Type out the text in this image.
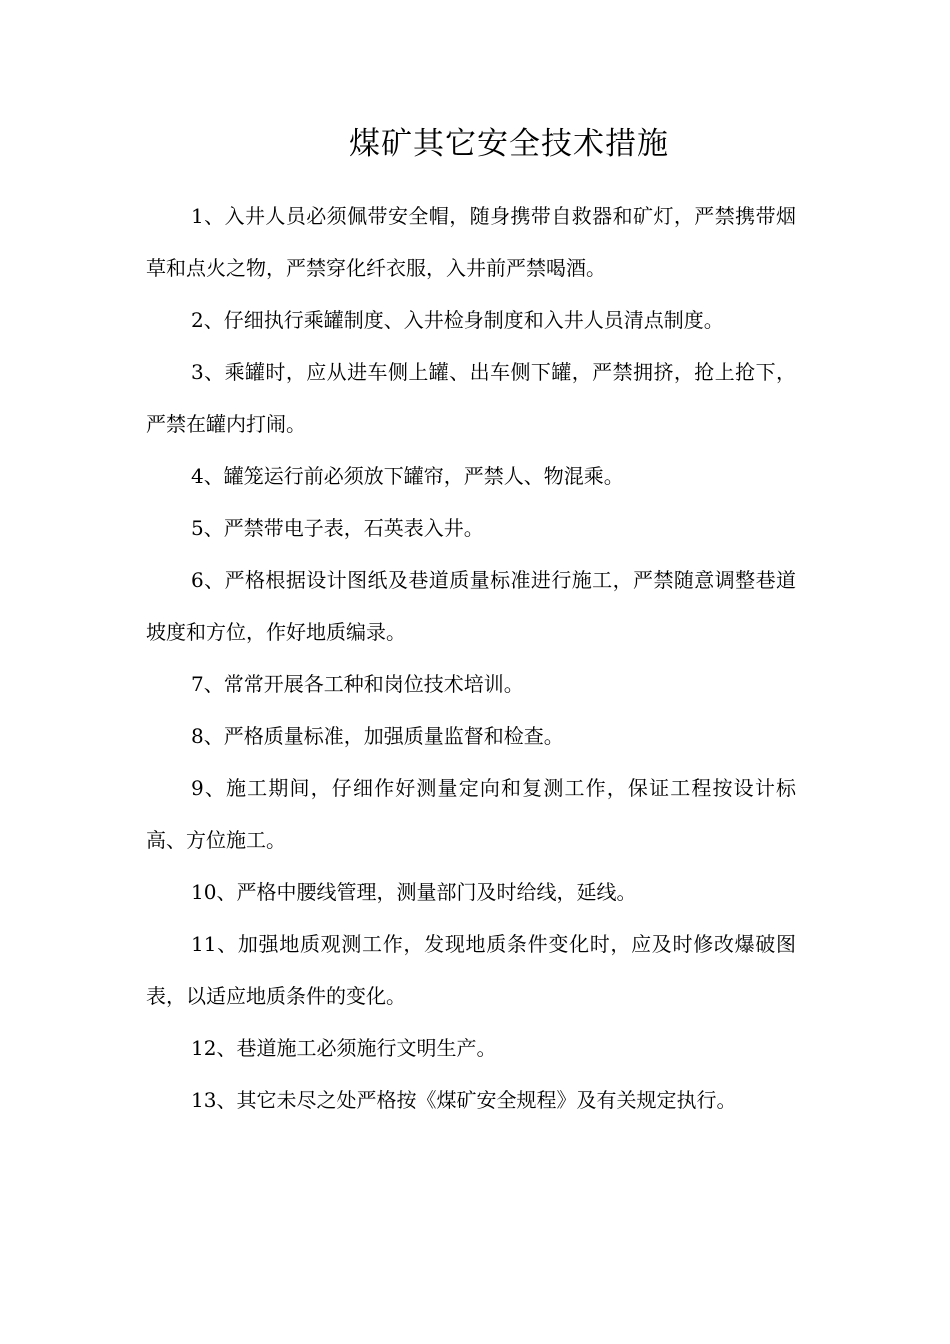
煤矿其它安全技术措施

1、入井人员必须佩带安全帽，随身携带自救器和矿灯，严禁携带烟草和点火之物，严禁穿化纤衣服，入井前严禁喝酒。

2、仔细执行乘罐制度、入井检身制度和入井人员清点制度。

3、乘罐时，应从进车侧上罐、出车侧下罐，严禁拥挤，抢上抢下，严禁在罐内打闹。

4、罐笼运行前必须放下罐帘，严禁人、物混乘。

5、严禁带电子表，石英表入井。

6、严格根据设计图纸及巷道质量标准进行施工，严禁随意调整巷道坡度和方位，作好地质编录。

7、常常开展各工种和岗位技术培训。

8、严格质量标准，加强质量监督和检查。

9、施工期间，仔细作好测量定向和复测工作，保证工程按设计标高、方位施工。

10、严格中腰线管理，测量部门及时给线，延线。

11、加强地质观测工作，发现地质条件变化时，应及时修改爆破图表，以适应地质条件的变化。

12、巷道施工必须施行文明生产。

13、其它未尽之处严格按《煤矿安全规程》及有关规定执行。
